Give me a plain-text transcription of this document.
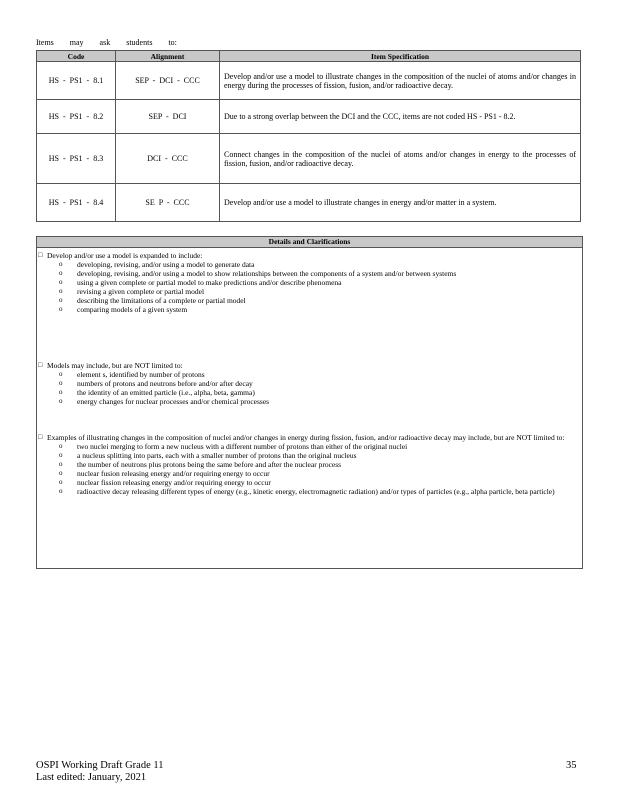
Items may ask students to:
Code	Alignment	Item Specification
HS - PS1 - 8.1	SEP - DCI - CCC	Develop and/or use a model to illustrate changes in the composition of the nuclei of atoms and/or changes in energy during the processes of fission, fusion, and/or radioactive decay.
HS - PS1 - 8.2	SEP - DCI	Due to a strong overlap between the DCI and the CCC, items are not coded HS - PS1 - 8.2.
HS - PS1 - 8.3	DCI - CCC	Connect changes in the composition of the nuclei of atoms and/or changes in energy to the processes of fission, fusion, and/or radioactive decay.
HS - PS1 - 8.4	SE P - CCC	Develop and/or use a model to illustrate changes in energy and/or matter in a system.
Details and Clarifications
□ Develop and/or use a model is expanded to include:
o developing, revising, and/or using a model to generate data
o developing, revising, and/or using a model to show relationships between the components of a system and/or between systems
o using a given complete or partial model to make predictions and/or describe phenomena
o revising a given complete or partial model
o describing the limitations of a complete or partial model
o comparing models of a given system
□ Models may include, but are NOT limited to:
o element s, identified by number of protons
o numbers of protons and neutrons before and/or after decay
o the identity of an emitted particle (i.e., alpha, beta, gamma)
o energy changes for nuclear processes and/or chemical processes
□ Examples of illustrating changes in the composition of nuclei and/or changes in energy during fission, fusion, and/or radioactive decay may include, but are NOT limited to:
o two nuclei merging to form a new nucleus with a different number of protons than either of the original nuclei
o a nucleus splitting into parts, each with a smaller number of protons than the original nucleus
o the number of neutrons plus protons being the same before and after the nuclear process
o nuclear fusion releasing energy and/or requiring energy to occur
o nuclear fission releasing energy and/or requiring energy to occur
o radioactive decay releasing different types of energy (e.g., kinetic energy, electromagnetic radiation) and/or types of particles (e.g., alpha particle, beta particle)
OSPI Working Draft Grade 11
Last edited: January, 2021
35
